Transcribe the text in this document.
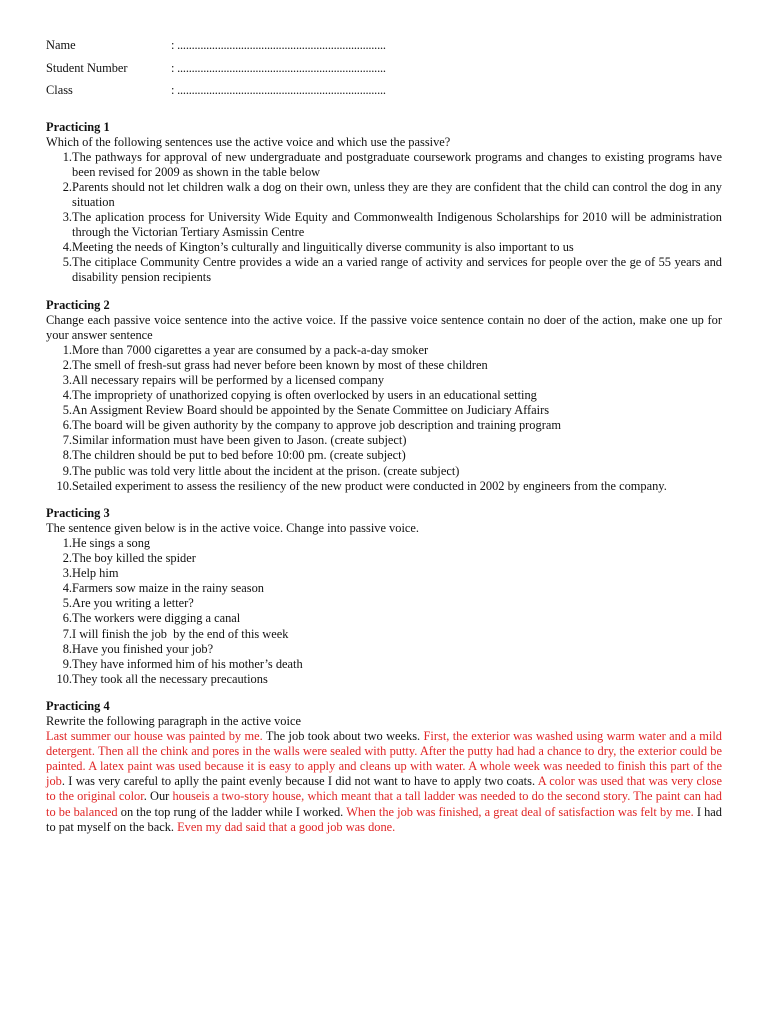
Name	: ........................................................................
Student Number	: ........................................................................
Class	: ........................................................................
Practicing 1
Which of the following sentences use the active voice and which use the passive?
1. The pathways for approval of new undergraduate and postgraduate coursework programs and changes to existing programs have been revised for 2009 as shown in the table below
2. Parents should not let children walk a dog on their own, unless they are they are confident that the child can control the dog in any situation
3. The aplication process for University Wide Equity and Commonwealth Indigenous Scholarships for 2010 will be administration through the Victorian Tertiary Asmissin Centre
4. Meeting the needs of Kington’s culturally and linguitically diverse community is also important to us
5. The citiplace Community Centre provides a wide an a varied range of activity and services for people over the ge of 55 years and disability pension recipients
Practicing 2
Change each passive voice sentence into the active voice. If the passive voice sentence contain no doer of the action, make one up for your answer sentence
1. More than 7000 cigarettes a year are consumed by a pack-a-day smoker
2. The smell of fresh-sut grass had never before been known by most of these children
3. All necessary repairs will be performed by a licensed company
4. The impropriety of unathorized copying is often overlocked by users in an educational setting
5. An Assigment Review Board should be appointed by the Senate Committee on Judiciary Affairs
6. The board will be given authority by the company to approve job description and training program
7. Similar information must have been given to Jason. (create subject)
8. The children should be put to bed before 10:00 pm. (create subject)
9. The public was told very little about the incident at the prison. (create subject)
10. Setailed experiment to assess the resiliency of the new product were conducted in 2002 by engineers from the company.
Practicing 3
The sentence given below is in the active voice. Change into passive voice.
1. He sings a song
2. The boy killed the spider
3. Help him
4. Farmers sow maize in the rainy season
5. Are you writing a letter?
6. The workers were digging a canal
7. I will finish the job  by the end of this week
8. Have you finished your job?
9. They have informed him of his mother’s death
10. They took all the necessary precautions
Practicing 4
Rewrite the following paragraph in the active voice
Last summer our house was painted by me. The job took about two weeks. First, the exterior was washed using warm water and a mild detergent. Then all the chink and pores in the walls were sealed with putty. After the putty had had a chance to dry, the exterior could be painted. A latex paint was used because it is easy to apply and cleans up with water. A whole week was needed to finish this part of the job. I was very careful to aplly the paint evenly because I did not want to have to apply two coats. A color was used that was very close to the original color. Our houseis a two-story house, which meant that a tall ladder was needed to do the second story. The paint can had to be balanced on the top rung of the ladder while I worked. When the job was finished, a great deal of satisfaction was felt by me. I had to pat myself on the back. Even my dad said that a good job was done.
